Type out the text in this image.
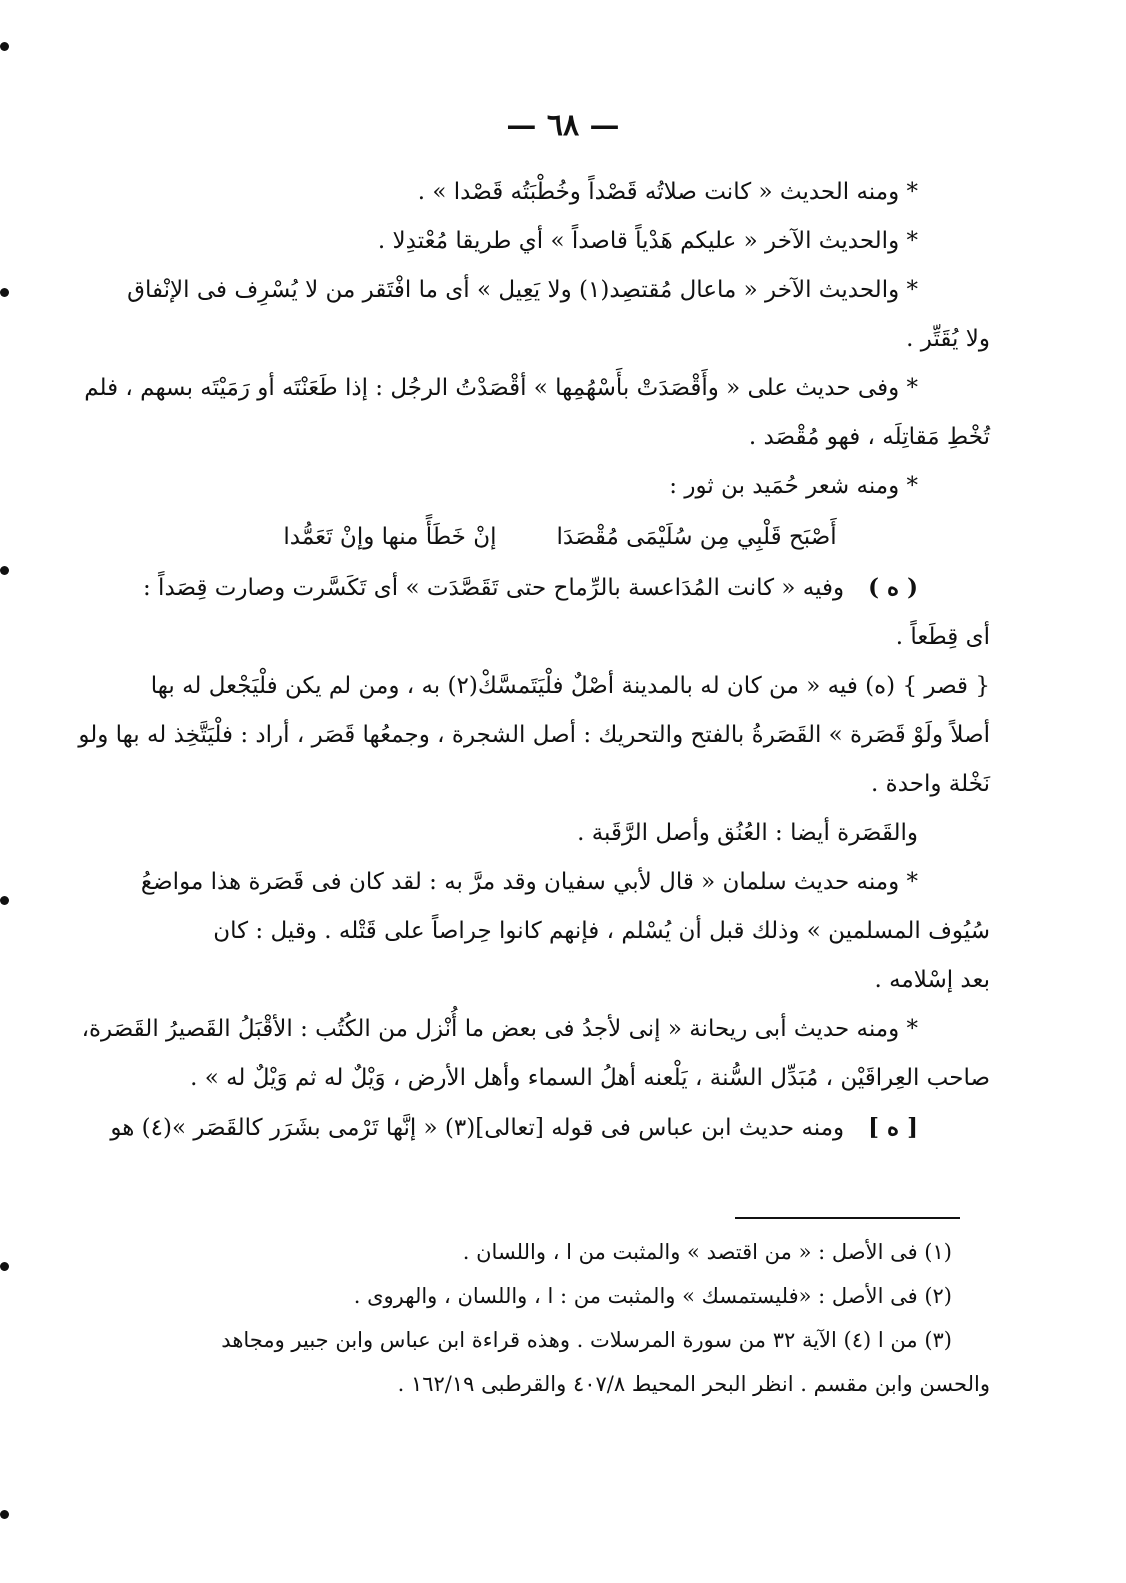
— ٦٨ —
* ومنه الحديث « كانت صلاتُه قَصْداً وخُطْبَتُه قَصْدا » .
* والحديث الآخر « عليكم هَدْياً قاصداً » أي طريقا مُعْتدِلا .
* والحديث الآخر « ماعال مُقتصِد(١) ولا يَعِيل » أى ما افْتَقر من لا يُسْرِف فى الإنْفاق
ولا يُقَتِّر .
* وفى حديث على « وأَقْصَدَتْ بأَسْهُمِها » أقْصَدْتُ الرجُل : إذا طَعَنْتَه أو رَمَيْتَه بسهم ، فلم
تُخْطِ مَقاتِلَه ، فهو مُقْصَد .
* ومنه شعر حُمَيد بن ثور :
أَصْبَح قَلْبِي مِن سُلَيْمَى مُقْصَدَا
إنْ خَطَأً منها وإنْ تَعَمُّدا
( ه )وفيه « كانت المُدَاعسة بالرِّماح حتى تَقَصَّدَت » أى تَكَسَّرت وصارت قِصَداً :
أى قِطَعاً .
{ قصر } (ه) فيه « من كان له بالمدينة أصْلٌ فلْيَتَمسَّكْ(٢) به ، ومن لم يكن فلْيَجْعل له بها
أصلاً ولَوْ قَصَرة » القَصَرةُ بالفتح والتحريك : أصل الشجرة ، وجمعُها قَصَر ، أراد : فلْيَتَّخِذ له بها ولو
نَخْلة واحدة .
والقَصَرة أيضا : العُنُق وأصل الرَّقَبة .
* ومنه حديث سلمان « قال لأبي سفيان وقد مرَّ به : لقد كان فى قَصَرة هذا مواضعُ
سُيُوف المسلمين » وذلك قبل أن يُسْلم ، فإنهم كانوا حِراصاً على قَتْله . وقيل : كان
بعد إسْلامه .
* ومنه حديث أبى ريحانة « إنى لأجدُ فى بعض ما أُنْزل من الكُتُب : الأقْبَلُ القَصيرُ القَصَرة،
صاحب العِراقَيْن ، مُبَدِّل السُّنة ، يَلْعنه أهلُ السماء وأهل الأرض ، وَيْلٌ له ثم وَيْلٌ له » .
[ ه ]ومنه حديث ابن عباس فى قوله [تعالى](٣) « إنَّها تَرْمى بشَرَر كالقَصَر »(٤) هو
(١) فى الأصل : « من اقتصد » والمثبت من ا ، واللسان .
(٢) فى الأصل : «فليستمسك » والمثبت من : ا ، واللسان ، والهروى .
(٣) من ا (٤) الآية ٣٢ من سورة المرسلات . وهذه قراءة ابن عباس وابن جبير ومجاهد
والحسن وابن مقسم . انظر البحر المحيط ٤٠٧/٨ والقرطبى ١٦٢/١٩ .
